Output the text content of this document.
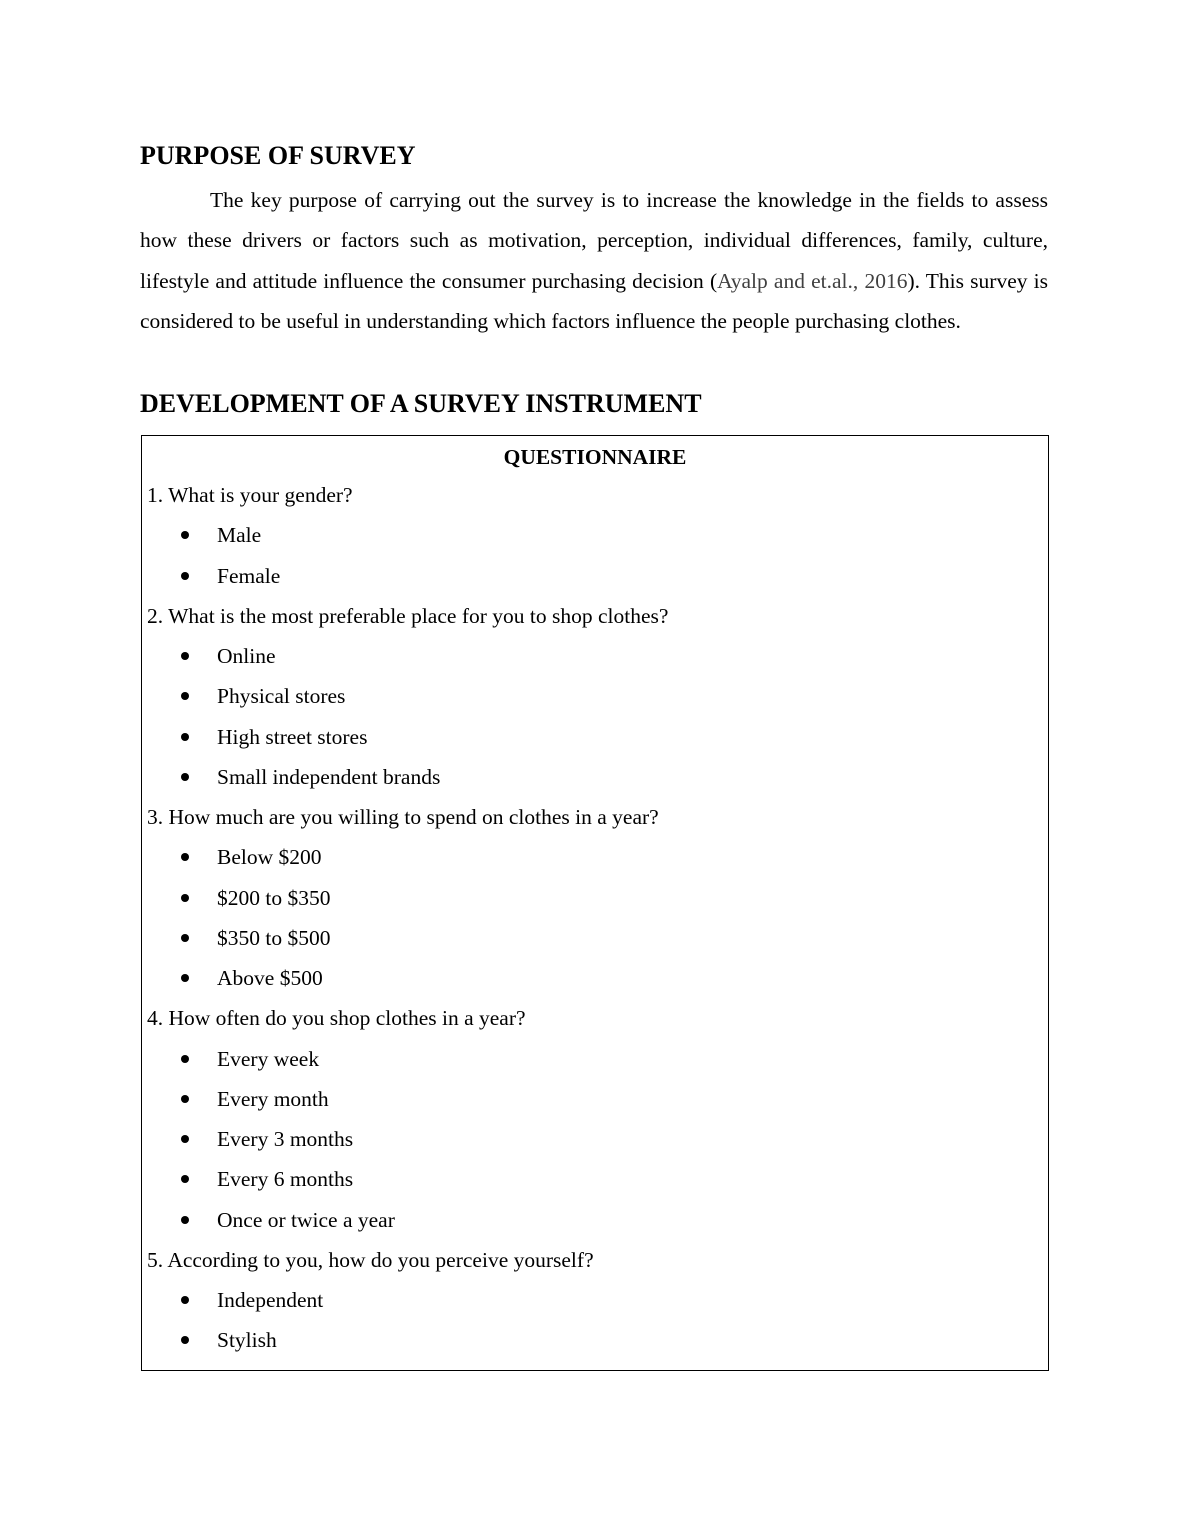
PURPOSE OF SURVEY

The key purpose of carrying out the survey is to increase the knowledge in the fields to assess how these drivers or factors such as motivation, perception, individual differences, family, culture, lifestyle and attitude influence the consumer purchasing decision (Ayalp and et.al., 2016). This survey is considered to be useful in understanding which factors influence the people purchasing clothes.

DEVELOPMENT OF A SURVEY INSTRUMENT

QUESTIONNAIRE

1. What is your gender?
Male
Female
2. What is the most preferable place for you to shop clothes?
Online
Physical stores
High street stores
Small independent brands
3. How much are you willing to spend on clothes in a year?
Below $200
$200 to $350
$350 to $500
Above $500
4. How often do you shop clothes in a year?
Every week
Every month
Every 3 months
Every 6 months
Once or twice a year
5. According to you, how do you perceive yourself?
Independent
Stylish
